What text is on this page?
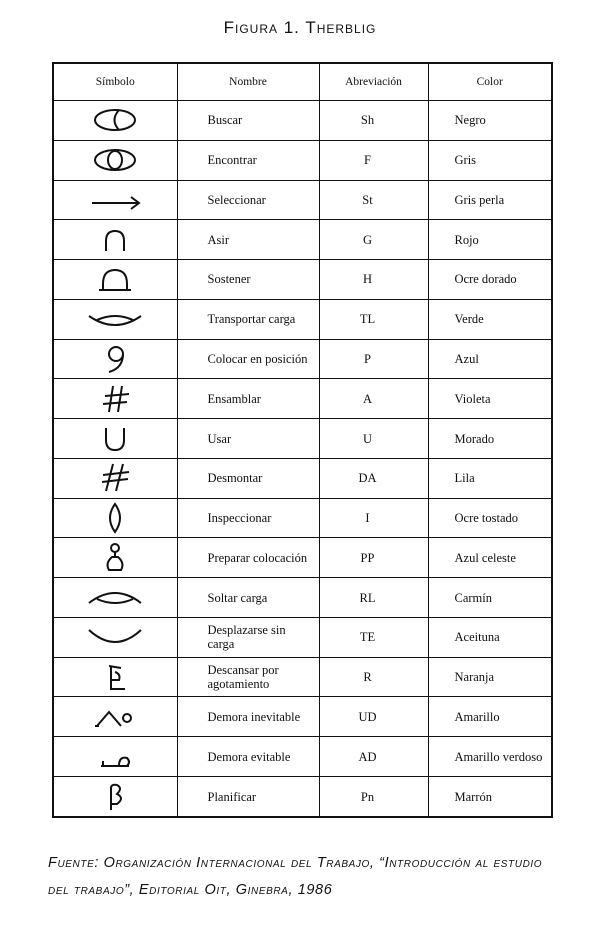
Figura 1. Therblig
Símbolo	Nombre	Abreviación	Color

	Buscar	Sh	Negro

	Encontrar	F	Gris

	Seleccionar	St	Gris perla

	Asir	G	Rojo

	Sostener	H	Ocre dorado

	Transportar carga	TL	Verde

	Colocar en posición	P	Azul

	Ensamblar	A	Violeta

	Usar	U	Morado

	Desmontar	DA	Lila

	Inspeccionar	I	Ocre tostado

	Preparar colocación	PP	Azul celeste

	Soltar carga	RL	Carmín

	Desplazarse sin carga	TE	Aceituna

	Descansar por agotamiento	R	Naranja

	Demora inevitable	UD	Amarillo

	Demora evitable	AD	Amarillo verdoso

	Planificar	Pn	Marrón
Fuente: Organización Internacional del Trabajo, “Introducción al estudio del trabajo”, Editorial Oit, Ginebra, 1986
